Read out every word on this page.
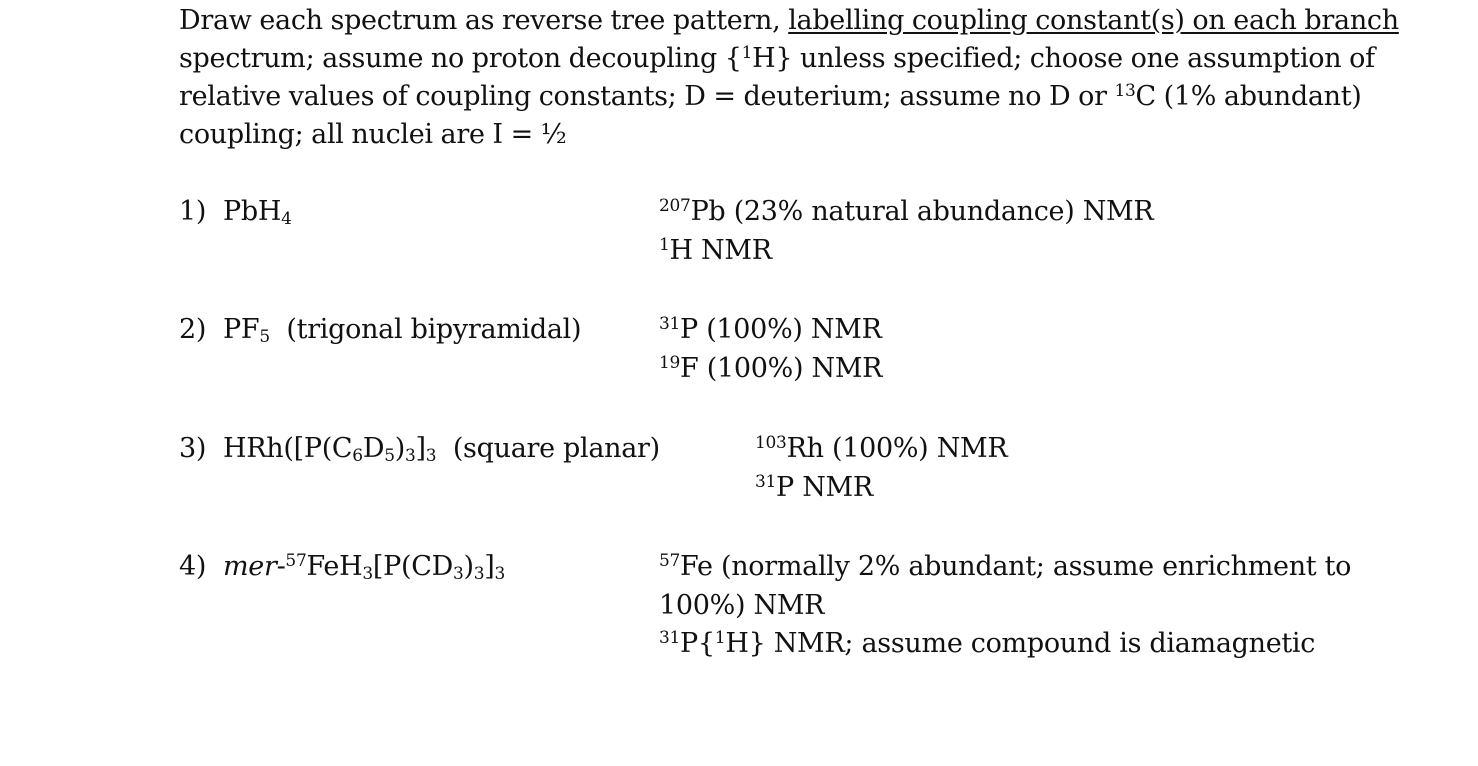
Draw each spectrum as reverse tree pattern, labelling coupling constant(s) on each branch
spectrum; assume no proton decoupling {$^1$H} unless specified; choose one assumption of
relative values of coupling constants; D = deuterium; assume no D or $^{13}$C (1% abundant)
coupling; all nuclei are I = ½
1) PbH$_4$
$^{207}$Pb (23% natural abundance) NMR
$^1$H NMR
2) $PF_5$ (trigonal bipyramidal)	$^{31}$P (100%) NMR
$^{19}$F (100%) NMR
3) $HRh([P(C_6D_5)_3]_3$ (square planar)	$^{103}$Rh (100%) NMR
$^{31}$P NMR
4) mer-$^{57}FeH_3[P(CD_3)_3]_3$
$^{57}$Fe (normally 2% abundant; assume enrichment to
100%) NMR
$^{31}$P{$^1$H} NMR; assume compound is diamagnetic
